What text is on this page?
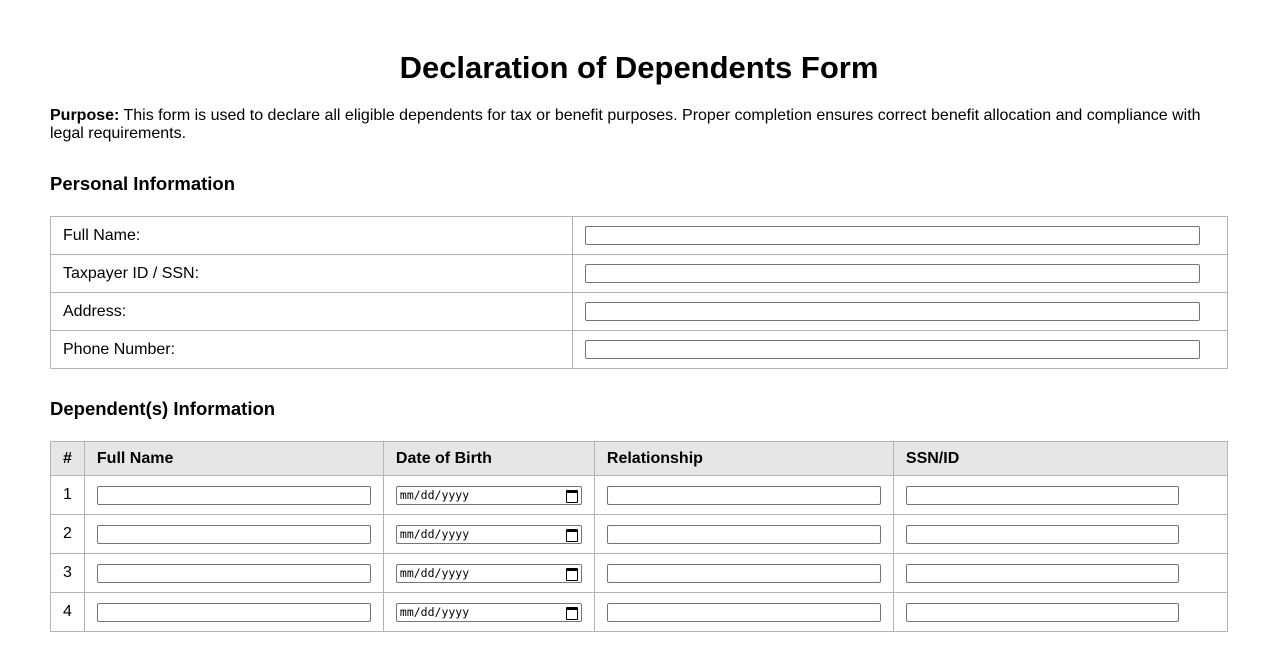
Declaration of Dependents Form

Purpose: This form is used to declare all eligible dependents for tax or benefit purposes. Proper completion ensures correct benefit allocation and compliance with legal requirements.

Personal Information
Full Name:	

Taxpayer ID / SSN:	

Address:	

Phone Number:	
Dependent(s) Information
#	Full Name	Date of Birth	Relationship	SSN/ID
1		mm/dd/yyyy

2		mm/dd/yyyy

3		mm/dd/yyyy

4		mm/dd/yyyy
